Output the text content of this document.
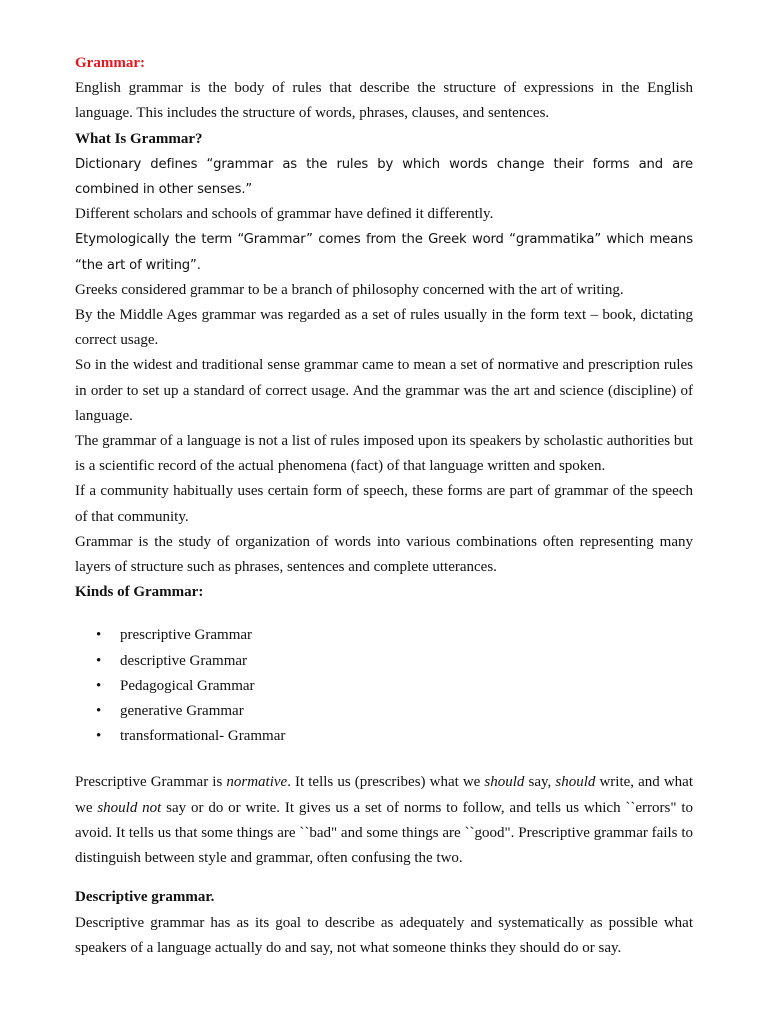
Grammar:

English grammar is the body of rules that describe the structure of expressions in the English language. This includes the structure of words, phrases, clauses, and sentences.

What Is Grammar?

Dictionary defines “grammar as the rules by which words change their forms and are combined in other senses.”

Different scholars and schools of grammar have defined it differently.

Etymologically the term “Grammar” comes from the Greek word “grammatika” which means “the art of writing”.

Greeks considered grammar to be a branch of philosophy concerned with the art of writing.

By the Middle Ages grammar was regarded as a set of rules usually in the form text – book, dictating correct usage.

So in the widest and traditional sense grammar came to mean a set of normative and prescription rules in order to set up a standard of correct usage. And the grammar was the art and science (discipline) of language.

The grammar of a language is not a list of rules imposed upon its speakers by scholastic authorities but is a scientific record of the actual phenomena (fact) of that language written and spoken.

If a community habitually uses certain form of speech, these forms are part of grammar of the speech of that community.

Grammar is the study of organization of words into various combinations often representing many layers of structure such as phrases, sentences and complete utterances.

Kinds of Grammar:
• prescriptive Grammar
• descriptive Grammar
• Pedagogical Grammar
• generative Grammar
• transformational- Grammar

Prescriptive Grammar is normative. It tells us (prescribes) what we should say, should write, and what we should not say or do or write. It gives us a set of norms to follow, and tells us which ``errors" to avoid. It tells us that some things are ``bad" and some things are ``good". Prescriptive grammar fails to distinguish between style and grammar, often confusing the two.

Descriptive grammar.

Descriptive grammar has as its goal to describe as adequately and systematically as possible what speakers of a language actually do and say, not what someone thinks they should do or say.
